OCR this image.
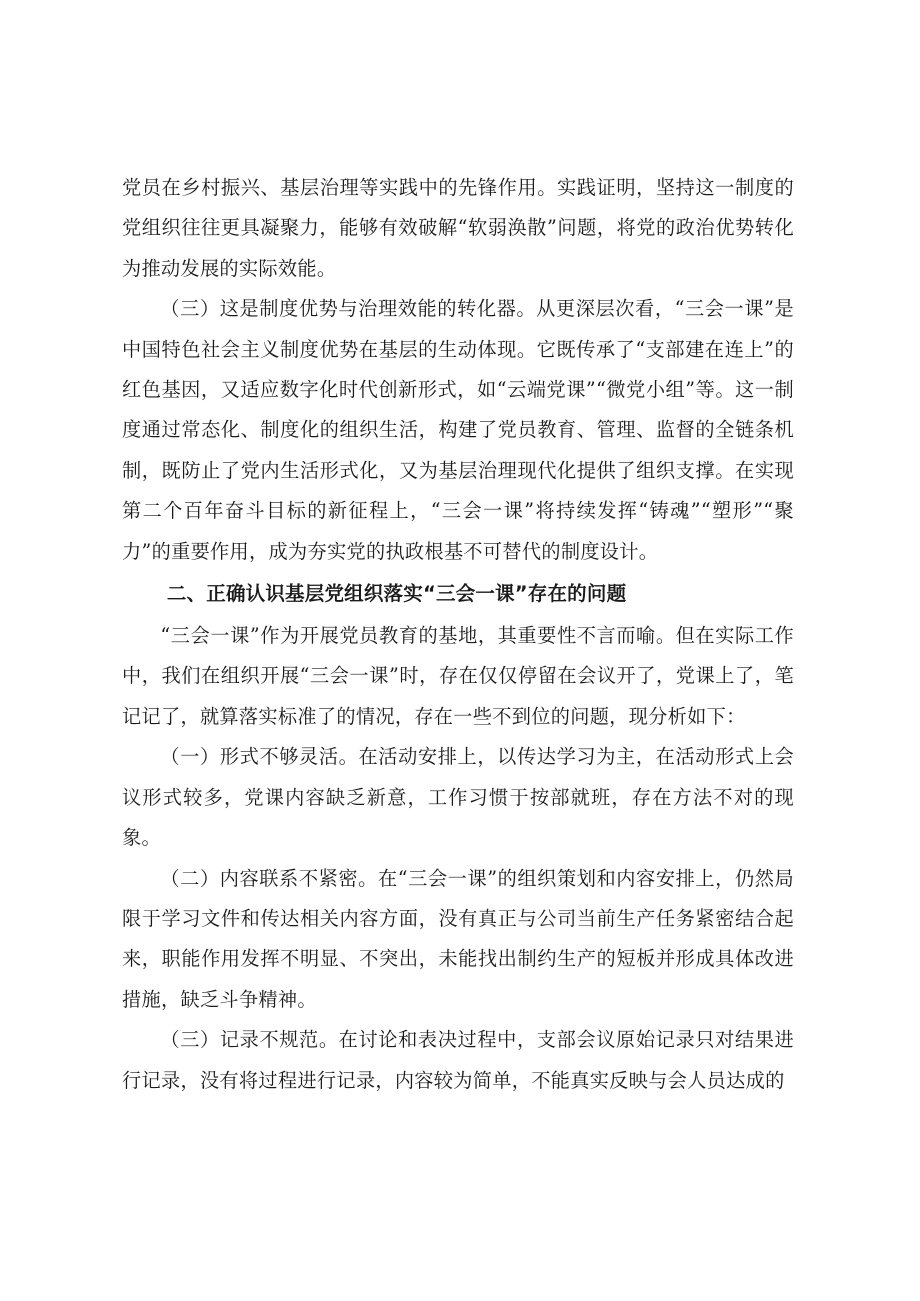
党员在乡村振兴、基层治理等实践中的先锋作用。实践证明，坚持这一制度的党组织往往更具凝聚力，能够有效破解“软弱涣散”问题，将党的政治优势转化为推动发展的实际效能。

（三）这是制度优势与治理效能的转化器。从更深层次看，“三会一课”是中国特色社会主义制度优势在基层的生动体现。它既传承了“支部建在连上”的红色基因，又适应数字化时代创新形式，如“云端党课”“微党小组”等。这一制度通过常态化、制度化的组织生活，构建了党员教育、管理、监督的全链条机制，既防止了党内生活形式化，又为基层治理现代化提供了组织支撑。在实现第二个百年奋斗目标的新征程上，“三会一课”将持续发挥“铸魂”“塑形”“聚力”的重要作用，成为夯实党的执政根基不可替代的制度设计。

二、正确认识基层党组织落实“三会一课”存在的问题

“三会一课”作为开展党员教育的基地，其重要性不言而喻。但在实际工作中，我们在组织开展“三会一课”时，存在仅仅停留在会议开了，党课上了，笔记记了，就算落实标准了的情况，存在一些不到位的问题，现分析如下：

（一）形式不够灵活。在活动安排上，以传达学习为主，在活动形式上会议形式较多，党课内容缺乏新意，工作习惯于按部就班，存在方法不对的现象。

（二）内容联系不紧密。在“三会一课”的组织策划和内容安排上，仍然局限于学习文件和传达相关内容方面，没有真正与公司当前生产任务紧密结合起来，职能作用发挥不明显、不突出，未能找出制约生产的短板并形成具体改进措施，缺乏斗争精神。

（三）记录不规范。在讨论和表决过程中，支部会议原始记录只对结果进行记录，没有将过程进行记录，内容较为简单，不能真实反映与会人员达成的
